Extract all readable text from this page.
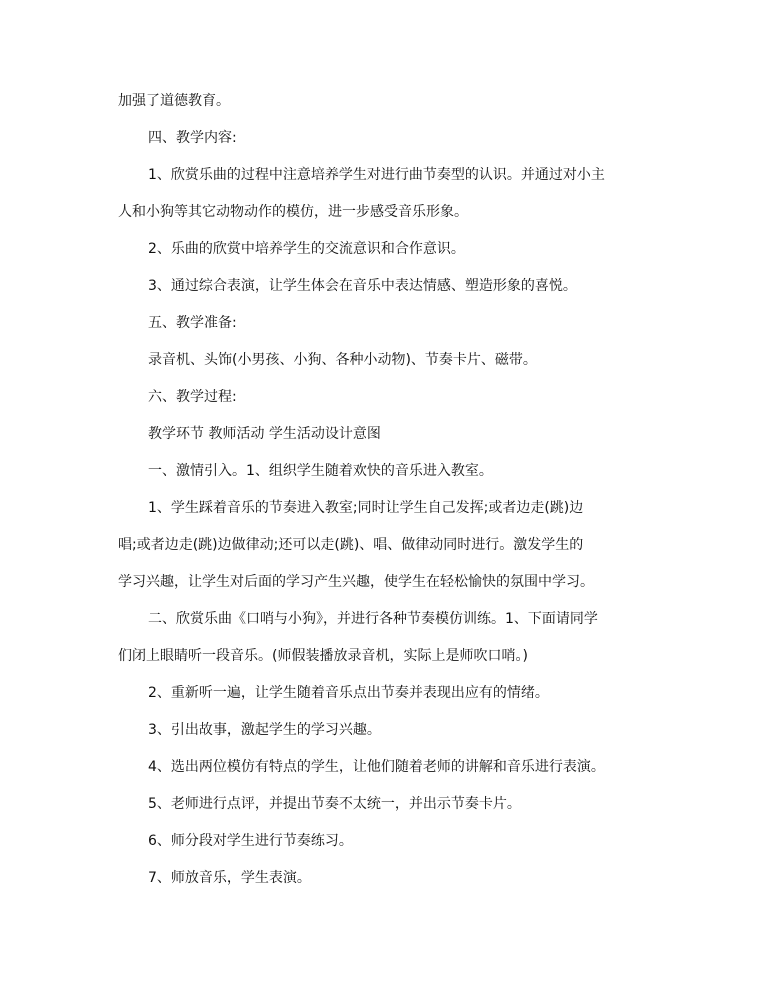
加强了道德教育。

四、教学内容:

1、欣赏乐曲的过程中注意培养学生对进行曲节奏型的认识。并通过对小主

人和小狗等其它动物动作的模仿，进一步感受音乐形象。

2、乐曲的欣赏中培养学生的交流意识和合作意识。

3、通过综合表演，让学生体会在音乐中表达情感、塑造形象的喜悦。

五、教学准备:

录音机、头饰(小男孩、小狗、各种小动物)、节奏卡片、磁带。

六、教学过程:

教学环节 教师活动 学生活动设计意图

一、激情引入。1、组织学生随着欢快的音乐进入教室。

1、学生踩着音乐的节奏进入教室;同时让学生自己发挥;或者边走(跳)边

唱;或者边走(跳)边做律动;还可以走(跳)、唱、做律动同时进行。激发学生的

学习兴趣，让学生对后面的学习产生兴趣，使学生在轻松愉快的氛围中学习。

二、欣赏乐曲《口哨与小狗》，并进行各种节奏模仿训练。1、下面请同学

们闭上眼睛听一段音乐。(师假装播放录音机，实际上是师吹口哨。)

2、重新听一遍，让学生随着音乐点出节奏并表现出应有的情绪。

3、引出故事，激起学生的学习兴趣。

4、选出两位模仿有特点的学生，让他们随着老师的讲解和音乐进行表演。

5、老师进行点评，并提出节奏不太统一，并出示节奏卡片。

6、师分段对学生进行节奏练习。

7、师放音乐，学生表演。
